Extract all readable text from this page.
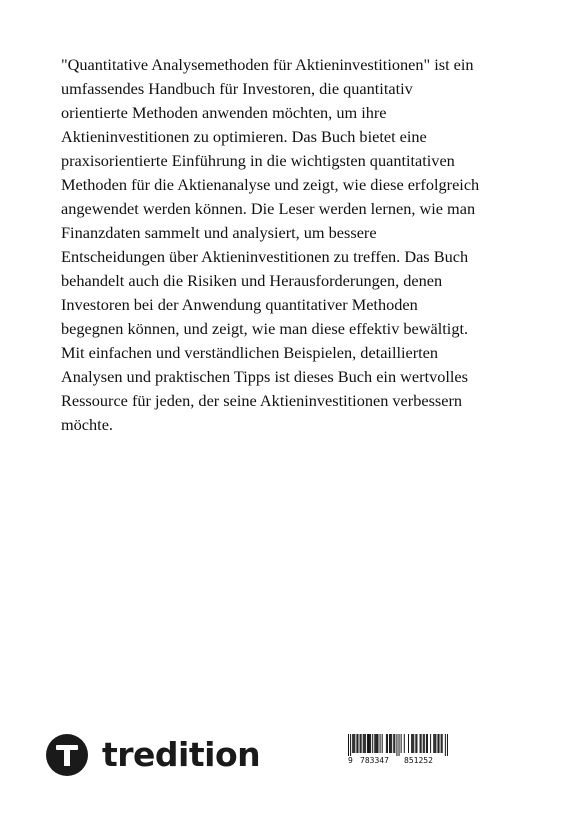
"Quantitative Analysemethoden für Aktieninvestitionen" ist ein
umfassendes Handbuch für Investoren, die quantitativ
orientierte Methoden anwenden möchten, um ihre
Aktieninvestitionen zu optimieren. Das Buch bietet eine
praxisorientierte Einführung in die wichtigsten quantitativen
Methoden für die Aktienanalyse und zeigt, wie diese erfolgreich
angewendet werden können. Die Leser werden lernen, wie man
Finanzdaten sammelt und analysiert, um bessere
Entscheidungen über Aktieninvestitionen zu treffen. Das Buch
behandelt auch die Risiken und Herausforderungen, denen
Investoren bei der Anwendung quantitativer Methoden
begegnen können, und zeigt, wie man diese effektiv bewältigt.
Mit einfachen und verständlichen Beispielen, detaillierten
Analysen und praktischen Tipps ist dieses Buch ein wertvolles
Ressource für jeden, der seine Aktieninvestitionen verbessern
möchte.

tredition	9 783347 851252
